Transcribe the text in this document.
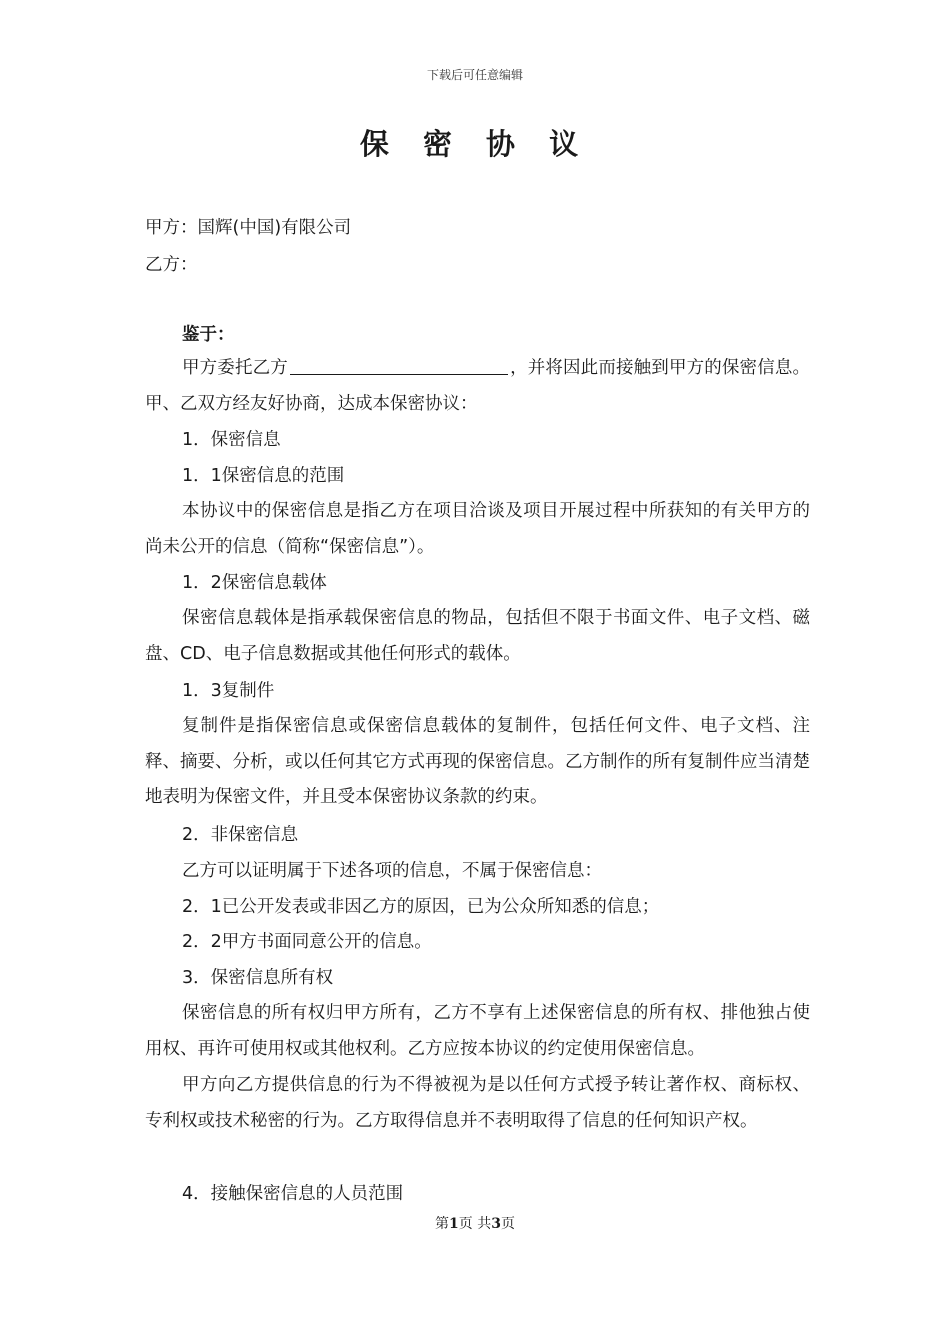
下载后可任意编辑
保 密 协 议
甲方：国辉(中国)有限公司
乙方：
鉴于：

甲方委托乙方	，并将因此而接触到甲方的保密信息。甲、乙双方经友好协商，达成本保密协议：

1．保密信息
1．1保密信息的范围

本协议中的保密信息是指乙方在项目洽谈及项目开展过程中所获知的有关甲方的尚未公开的信息（简称“保密信息”）。

1．2保密信息载体

保密信息载体是指承载保密信息的物品，包括但不限于书面文件、电子文档、磁盘、CD、电子信息数据或其他任何形式的载体。

1．3复制件

复制件是指保密信息或保密信息载体的复制件，包括任何文件、电子文档、注释、摘要、分析，或以任何其它方式再现的保密信息。乙方制作的所有复制件应当清楚地表明为保密文件，并且受本保密协议条款的约束。

2．非保密信息
乙方可以证明属于下述各项的信息，不属于保密信息：
2．1已公开发表或非因乙方的原因，已为公众所知悉的信息；
2．2甲方书面同意公开的信息。
3．保密信息所有权

保密信息的所有权归甲方所有，乙方不享有上述保密信息的所有权、排他独占使用权、再许可使用权或其他权利。乙方应按本协议的约定使用保密信息。

甲方向乙方提供信息的行为不得被视为是以任何方式授予转让著作权、商标权、专利权或技术秘密的行为。乙方取得信息并不表明取得了信息的任何知识产权。

4．接触保密信息的人员范围
第1页 共3页
